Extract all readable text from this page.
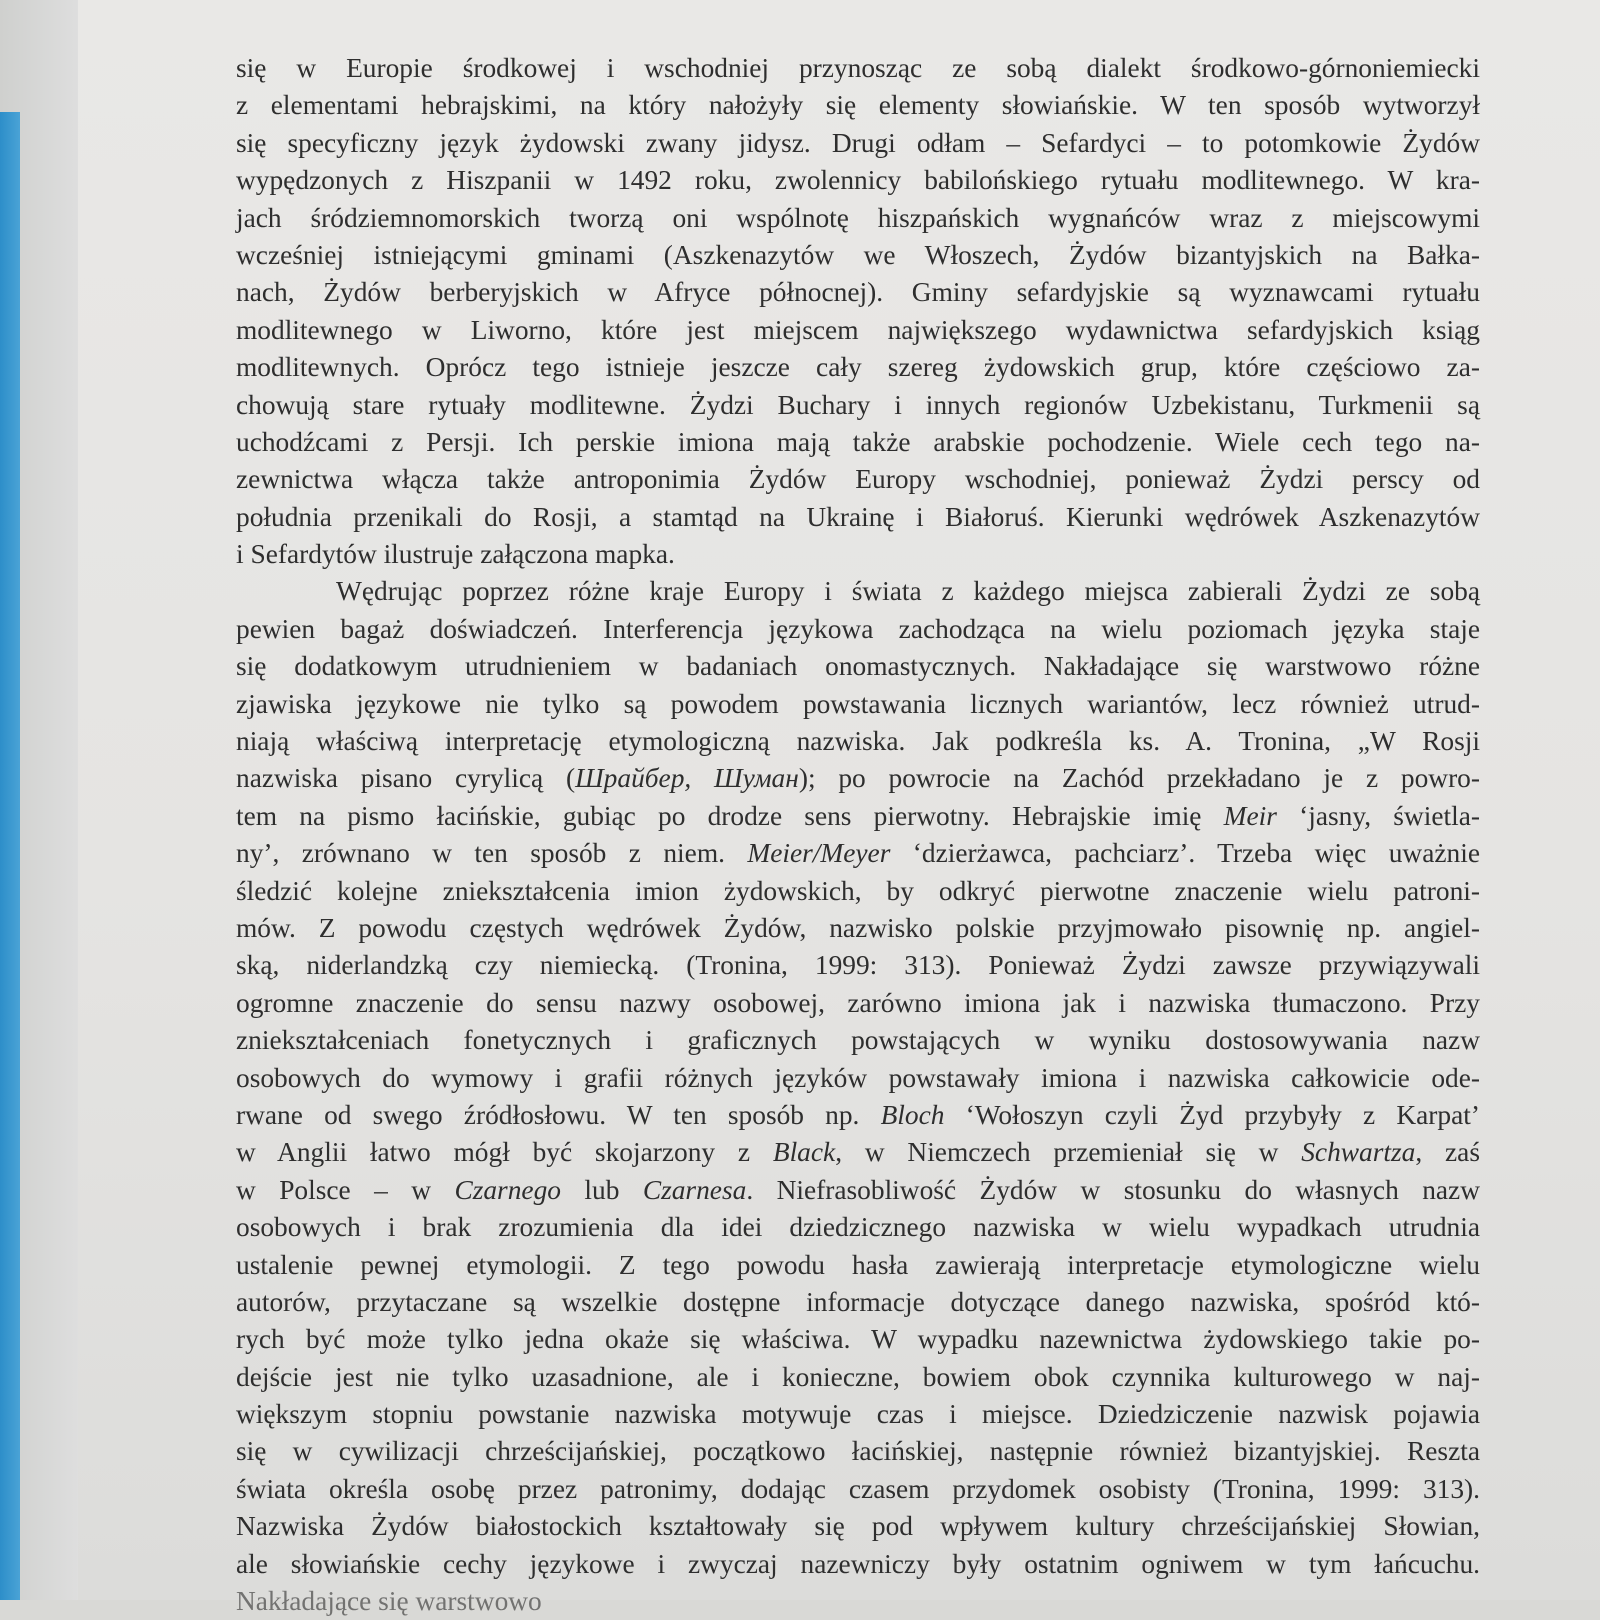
się w Europie środkowej i wschodniej przynosząc ze sobą dialekt środkowo-górnoniemiecki
z elementami hebrajskimi, na który nałożyły się elementy słowiańskie. W ten sposób wytworzył
się specyficzny język żydowski zwany jidysz. Drugi odłam – Sefardyci – to potomkowie Żydów
wypędzonych z Hiszpanii w 1492 roku, zwolennicy babilońskiego rytuału modlitewnego. W kra-
jach śródziemnomorskich tworzą oni wspólnotę hiszpańskich wygnańców wraz z miejscowymi
wcześniej istniejącymi gminami (Aszkenazytów we Włoszech, Żydów bizantyjskich na Bałka-
nach, Żydów berberyjskich w Afryce północnej). Gminy sefardyjskie są wyznawcami rytuału
modlitewnego w Liworno, które jest miejscem największego wydawnictwa sefardyjskich ksiąg
modlitewnych. Oprócz tego istnieje jeszcze cały szereg żydowskich grup, które częściowo za-
chowują stare rytuały modlitewne. Żydzi Buchary i innych regionów Uzbekistanu, Turkmenii są
uchodźcami z Persji. Ich perskie imiona mają także arabskie pochodzenie. Wiele cech tego na-
zewnictwa włącza także antroponimia Żydów Europy wschodniej, ponieważ Żydzi perscy od
południa przenikali do Rosji, a stamtąd na Ukrainę i Białoruś. Kierunki wędrówek Aszkenazytów
i Sefardytów ilustruje załączona mapka.
Wędrując poprzez różne kraje Europy i świata z każdego miejsca zabierali Żydzi ze sobą
pewien bagaż doświadczeń. Interferencja językowa zachodząca na wielu poziomach języka staje
się dodatkowym utrudnieniem w badaniach onomastycznych. Nakładające się warstwowo różne
zjawiska językowe nie tylko są powodem powstawania licznych wariantów, lecz również utrud-
niają właściwą interpretację etymologiczną nazwiska. Jak podkreśla ks. A. Tronina, „W Rosji
nazwiska pisano cyrylicą (Шрайбер, Шуман); po powrocie na Zachód przekładano je z powro-
tem na pismo łacińskie, gubiąc po drodze sens pierwotny. Hebrajskie imię Meir ‘jasny, świetla-
ny’, zrównano w ten sposób z niem. Meier/Meyer ‘dzierżawca, pachciarz’. Trzeba więc uważnie
śledzić kolejne zniekształcenia imion żydowskich, by odkryć pierwotne znaczenie wielu patroni-
mów. Z powodu częstych wędrówek Żydów, nazwisko polskie przyjmowało pisownię np. angiel-
ską, niderlandzką czy niemiecką. (Tronina, 1999: 313). Ponieważ Żydzi zawsze przywiązywali
ogromne znaczenie do sensu nazwy osobowej, zarówno imiona jak i nazwiska tłumaczono. Przy
zniekształceniach fonetycznych i graficznych powstających w wyniku dostosowywania nazw
osobowych do wymowy i grafii różnych języków powstawały imiona i nazwiska całkowicie ode-
rwane od swego źródłosłowu. W ten sposób np. Bloch ‘Wołoszyn czyli Żyd przybyły z Karpat’
w Anglii łatwo mógł być skojarzony z Black, w Niemczech przemieniał się w Schwartza, zaś
w Polsce – w Czarnego lub Czarnesa. Niefrasobliwość Żydów w stosunku do własnych nazw
osobowych i brak zrozumienia dla idei dziedzicznego nazwiska w wielu wypadkach utrudnia
ustalenie pewnej etymologii. Z tego powodu hasła zawierają interpretacje etymologiczne wielu
autorów, przytaczane są wszelkie dostępne informacje dotyczące danego nazwiska, spośród któ-
rych być może tylko jedna okaże się właściwa. W wypadku nazewnictwa żydowskiego takie po-
dejście jest nie tylko uzasadnione, ale i konieczne, bowiem obok czynnika kulturowego w naj-
większym stopniu powstanie nazwiska motywuje czas i miejsce. Dziedziczenie nazwisk pojawia
się w cywilizacji chrześcijańskiej, początkowo łacińskiej, następnie również bizantyjskiej. Reszta
świata określa osobę przez patronimy, dodając czasem przydomek osobisty (Tronina, 1999: 313).
Nazwiska Żydów białostockich kształtowały się pod wpływem kultury chrześcijańskiej Słowian,
ale słowiańskie cechy językowe i zwyczaj nazewniczy były ostatnim ogniwem w tym łańcuchu.
Nakładające się warstwowo
